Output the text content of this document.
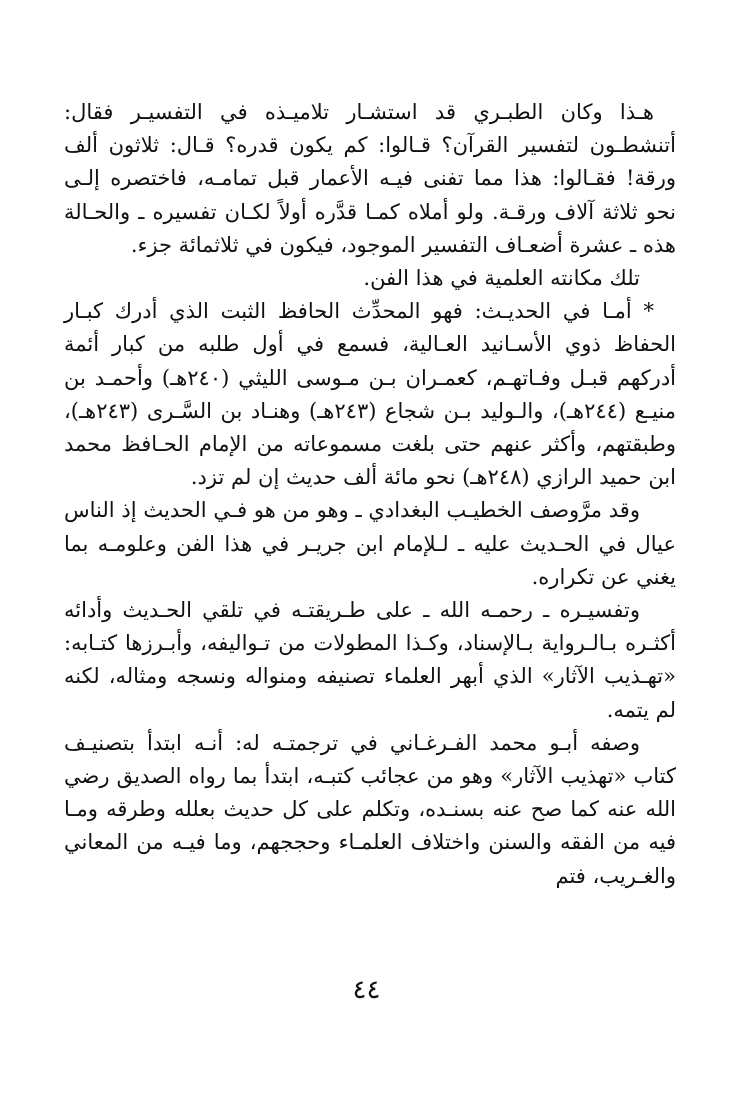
هـذا وكان الطبـري قد استشـار تلاميـذه في التفسيـر فقال: أتنشطـون لتفسير القرآن؟ قـالوا: كم يكون قدره؟ قـال: ثلاثون ألف ورقة! فقـالوا: هذا مما تفنى فيـه الأعمار قبل تمامـه، فاختصره إلـى نحو ثلاثة آلاف ورقـة. ولو أملاه كمـا قدَّره أولاً لكـان تفسيره ـ والحـالة هذه ـ عشرة أضعـاف التفسير الموجود، فيكون في ثلاثمائة جزء.

تلك مكانته العلمية في هذا الفن.

* أمـا في الحديـث: فهو المحدِّث الحافظ الثبت الذي أدرك كبـار الحفاظ ذوي الأسـانيد العـالية، فسمع في أول طلبه من كبار أئمة أدركهم قبـل وفـاتهـم، كعمـران بـن مـوسى الليثي (٢٤٠هـ) وأحمـد بن منيـع (٢٤٤هـ)، والـوليد بـن شجاع (٢٤٣هـ) وهنـاد بن السَّـرى (٢٤٣هـ)، وطبقتهم، وأكثر عنهم حتى بلغت مسموعاته من الإمام الحـافظ محمد ابن حميد الرازي (٢٤٨هـ) نحو مائة ألف حديث إن لم تزد.

وقد مرَّوصف الخطيـب البغدادي ـ وهو من هو فـي الحديث إذ الناس عيال في الحـديث عليه ـ لـلإمام ابن جريـر في هذا الفن وعلومـه بما يغني عن تكراره.

وتفسيـره ـ رحمـه الله ـ على طـريقتـه في تلقي الحـديث وأدائه أكثـره بـالـرواية بـالإسناد، وكـذا المطولات من تـواليفه، وأبـرزها كتـابه: «تهـذيب الآثار» الذي أبهر العلماء تصنيفه ومنواله ونسجه ومثاله، لكنه لم يتمه.

وصفه أبـو محمد الفـرغـاني في ترجمتـه له: أنـه ابتدأ بتصنيـف كتاب «تهذيب الآثار» وهو من عجائب كتبـه، ابتدأ بما رواه الصديق رضي الله عنه كما صح عنه بسنـده، وتكلم على كل حديث بعلله وطرقه ومـا فيه من الفقه والسنن واختلاف العلمـاء وحججهم، وما فيـه من المعاني والغـريب، فتم

٤٤
